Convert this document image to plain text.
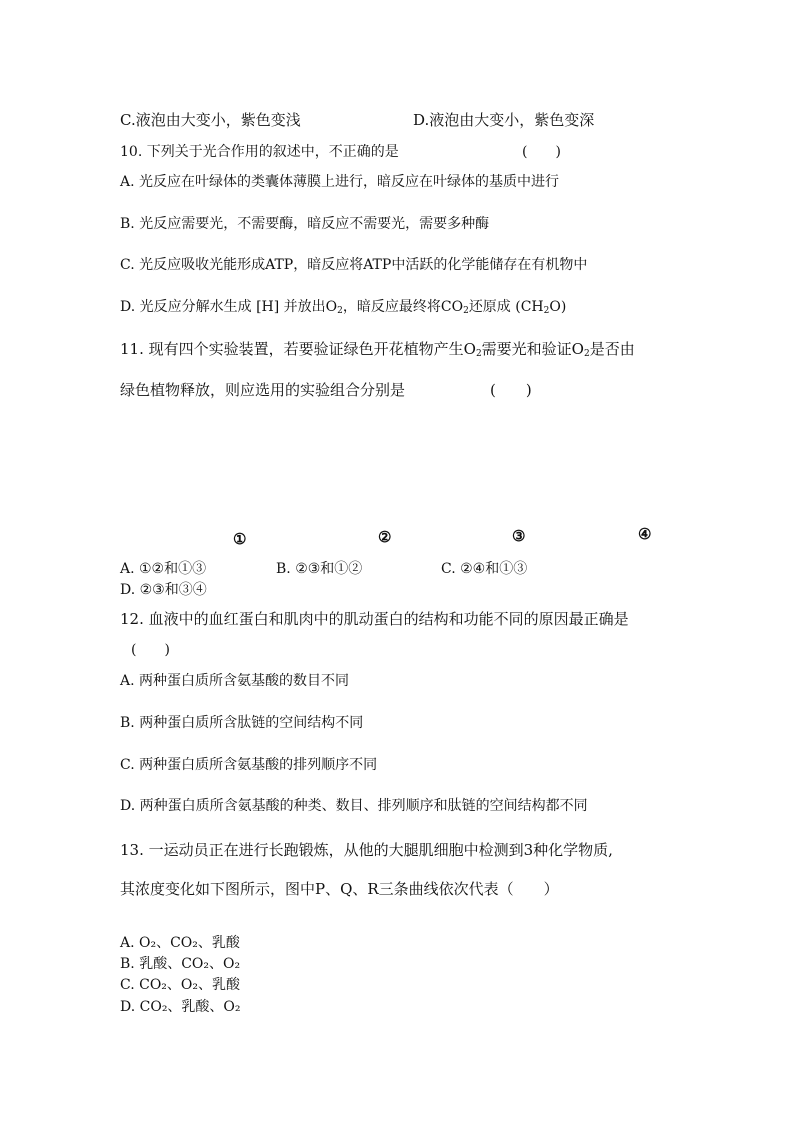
C.液泡由大变小，紫色变浅	D.液泡由大变小，紫色变深
10. 下列关于光合作用的叙述中，不正确的是	(　　)
A. 光反应在叶绿体的类囊体薄膜上进行，暗反应在叶绿体的基质中进行
B. 光反应需要光，不需要酶，暗反应不需要光，需要多种酶
C. 光反应吸收光能形成ATP，暗反应将ATP中活跃的化学能储存在有机物中
D. 光反应分解水生成 [H] 并放出$O_2$，暗反应最终将$CO_2$还原成 $(CH_2O)$
11. 现有四个实验装置，若要验证绿色开花植物产生$O_2$需要光和验证$O_2$是否由
绿色植物释放，则应选用的实验组合分别是	(　　)
①	②	③	④
A. ①②和①③	B. ②③和①②	C. ②④和①③
D. ②③和③④
12. 血液中的血红蛋白和肌肉中的肌动蛋白的结构和功能不同的原因最正确是
(　　)
A. 两种蛋白质所含氨基酸的数目不同
B. 两种蛋白质所含肽链的空间结构不同
C. 两种蛋白质所含氨基酸的排列顺序不同
D. 两种蛋白质所含氨基酸的种类、数目、排列顺序和肽链的空间结构都不同
13. 一运动员正在进行长跑锻炼，从他的大腿肌细胞中检测到3种化学物质,
其浓度变化如下图所示，图中P、Q、R三条曲线依次代表（　　）
A. O₂、CO₂、乳酸
B. 乳酸、CO₂、O₂
C. CO₂、O₂、乳酸
D. CO₂、乳酸、O₂
